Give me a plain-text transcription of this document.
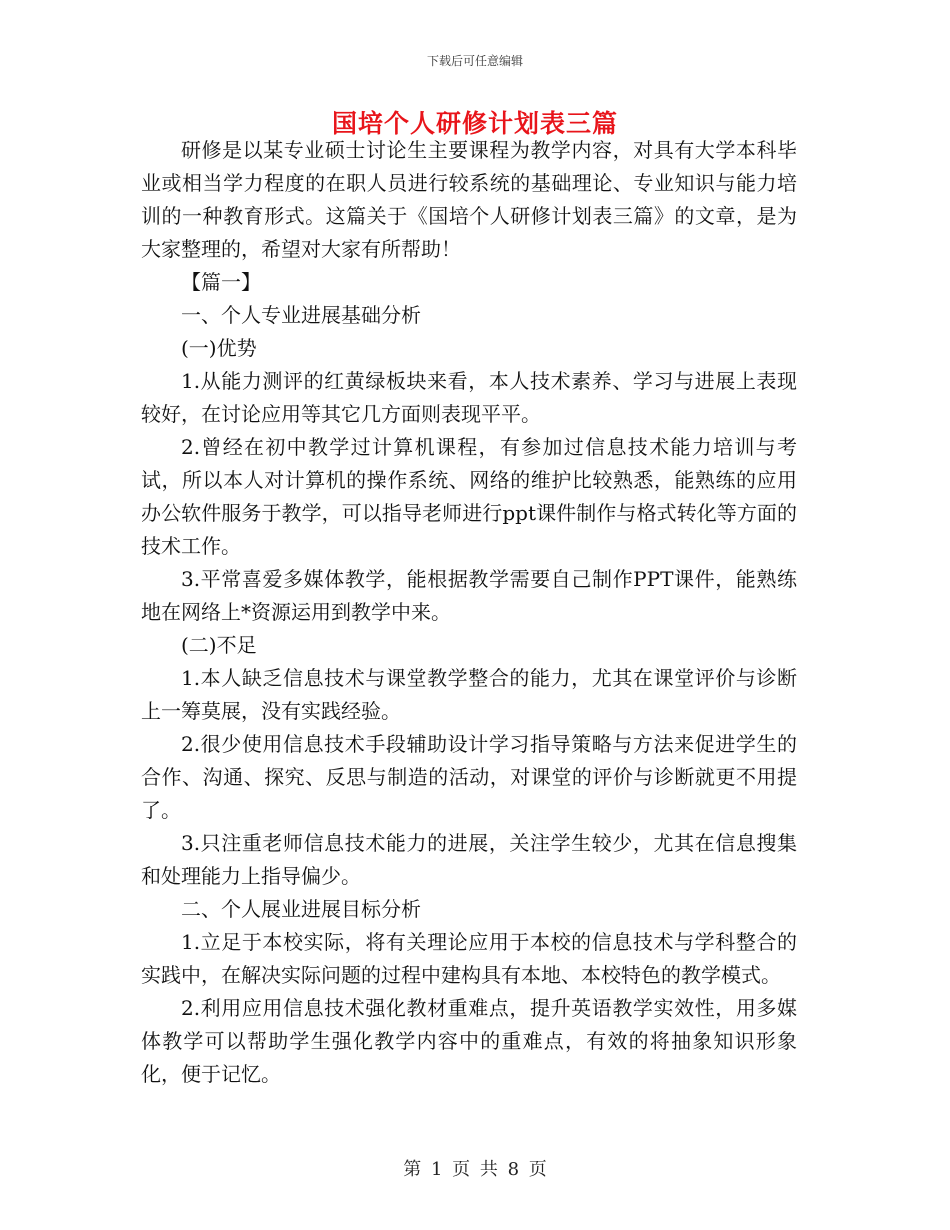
下载后可任意编辑
国培个人研修计划表三篇

研修是以某专业硕士讨论生主要课程为教学内容，对具有大学本科毕业或相当学力程度的在职人员进行较系统的基础理论、专业知识与能力培训的一种教育形式。这篇关于《国培个人研修计划表三篇》的文章，是为大家整理的，希望对大家有所帮助！

【篇一】

一、个人专业进展基础分析

(一)优势

1.从能力测评的红黄绿板块来看，本人技术素养、学习与进展上表现较好，在讨论应用等其它几方面则表现平平。

2.曾经在初中教学过计算机课程，有参加过信息技术能力培训与考试，所以本人对计算机的操作系统、网络的维护比较熟悉，能熟练的应用办公软件服务于教学，可以指导老师进行ppt课件制作与格式转化等方面的技术工作。

3.平常喜爱多媒体教学，能根据教学需要自己制作PPT课件，能熟练地在网络上*资源运用到教学中来。

(二)不足

1.本人缺乏信息技术与课堂教学整合的能力，尤其在课堂评价与诊断上一筹莫展，没有实践经验。

2.很少使用信息技术手段辅助设计学习指导策略与方法来促进学生的合作、沟通、探究、反思与制造的活动，对课堂的评价与诊断就更不用提了。

3.只注重老师信息技术能力的进展，关注学生较少，尤其在信息搜集和处理能力上指导偏少。

二、个人展业进展目标分析

1.立足于本校实际，将有关理论应用于本校的信息技术与学科整合的实践中，在解决实际问题的过程中建构具有本地、本校特色的教学模式。

2.利用应用信息技术强化教材重难点，提升英语教学实效性，用多媒体教学可以帮助学生强化教学内容中的重难点，有效的将抽象知识形象化，便于记忆。

第 1 页 共 8 页
